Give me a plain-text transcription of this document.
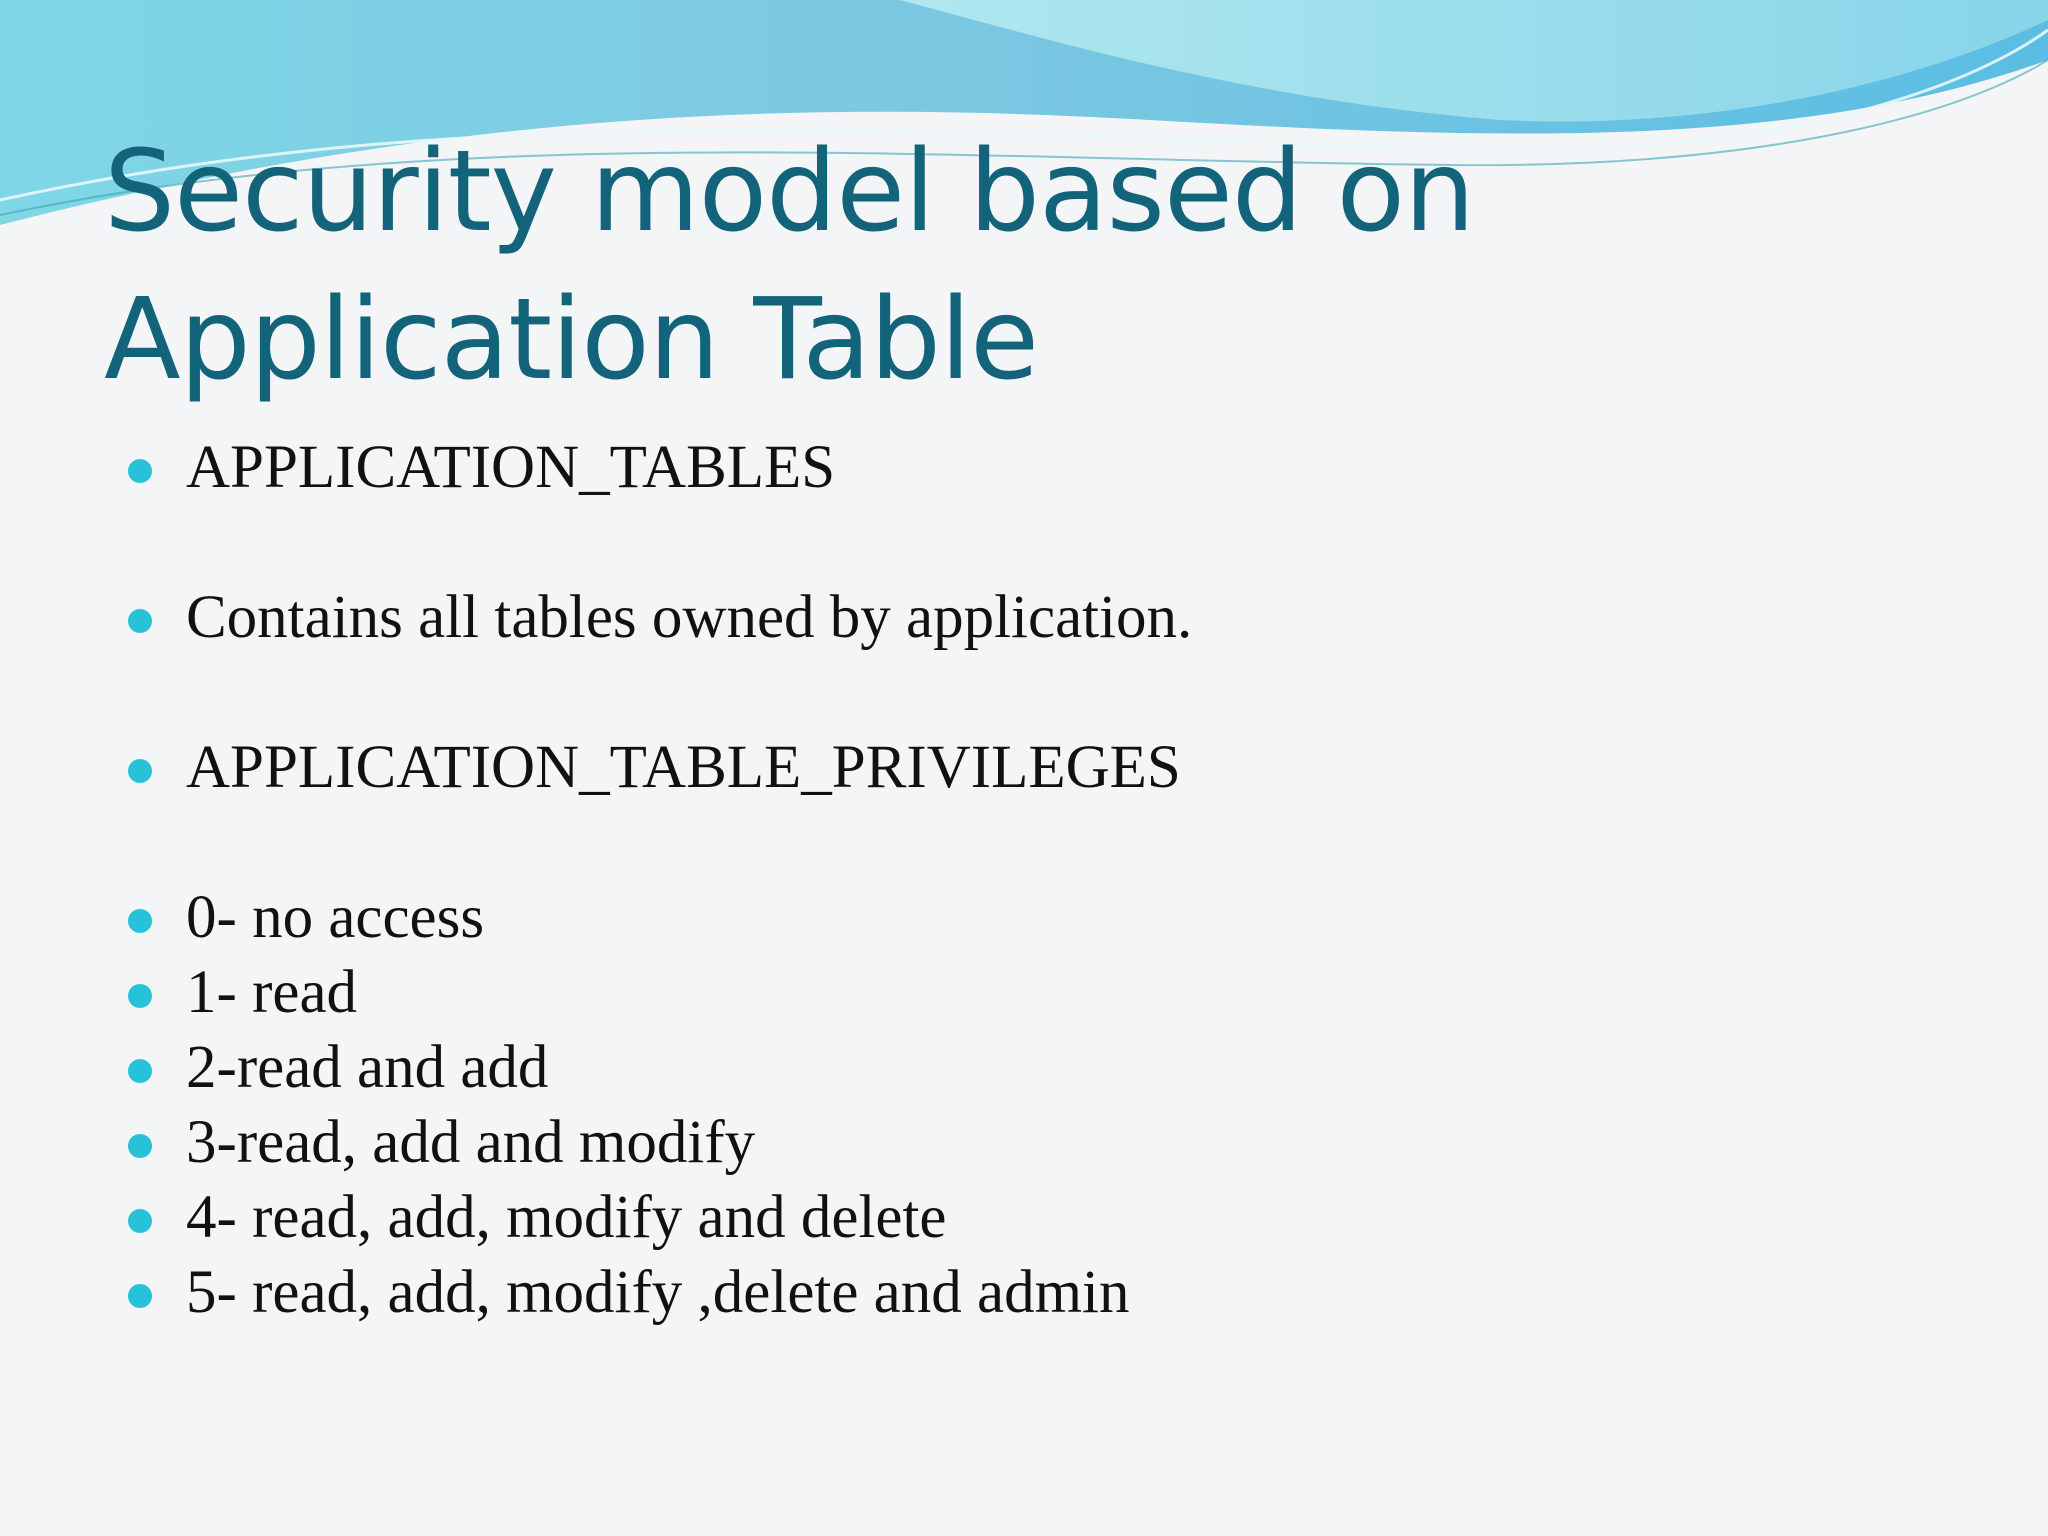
Security model based on
Application Table
APPLICATION_TABLES
Contains all tables owned by application.
APPLICATION_TABLE_PRIVILEGES
0- no access
1- read
2-read and add
3-read, add and modify
4- read, add, modify and delete
5- read, add, modify ,delete and admin
